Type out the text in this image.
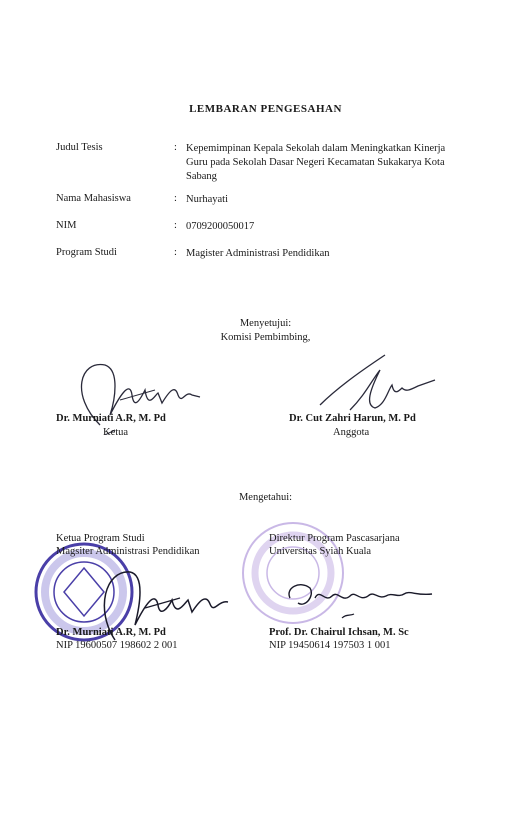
LEMBARAN PENGESAHAN
Judul Tesis	: Kepemimpinan Kepala Sekolah dalam Meningkatkan Kinerja Guru pada Sekolah Dasar Negeri Kecamatan Sukakarya Kota Sabang
Nama Mahasiswa	: Nurhayati
NIM	: 0709200050017
Program Studi	: Magister Administrasi Pendidikan
Menyetujui:
Komisi Pembimbing,
Dr. Murniati A.R, M. Pd
Ketua
Dr. Cut Zahri Harun, M. Pd
Anggota
Mengetahui:
Ketua Program Studi
Magsiter Administrasi Pendidikan
Direktur Program Pascasarjana
Universitas Syiah Kuala
Dr. Murniati A.R, M. Pd
NIP 19600507 198602 2 001
Prof. Dr. Chairul Ichsan, M. Sc
NIP 19450614 197503 1 001
